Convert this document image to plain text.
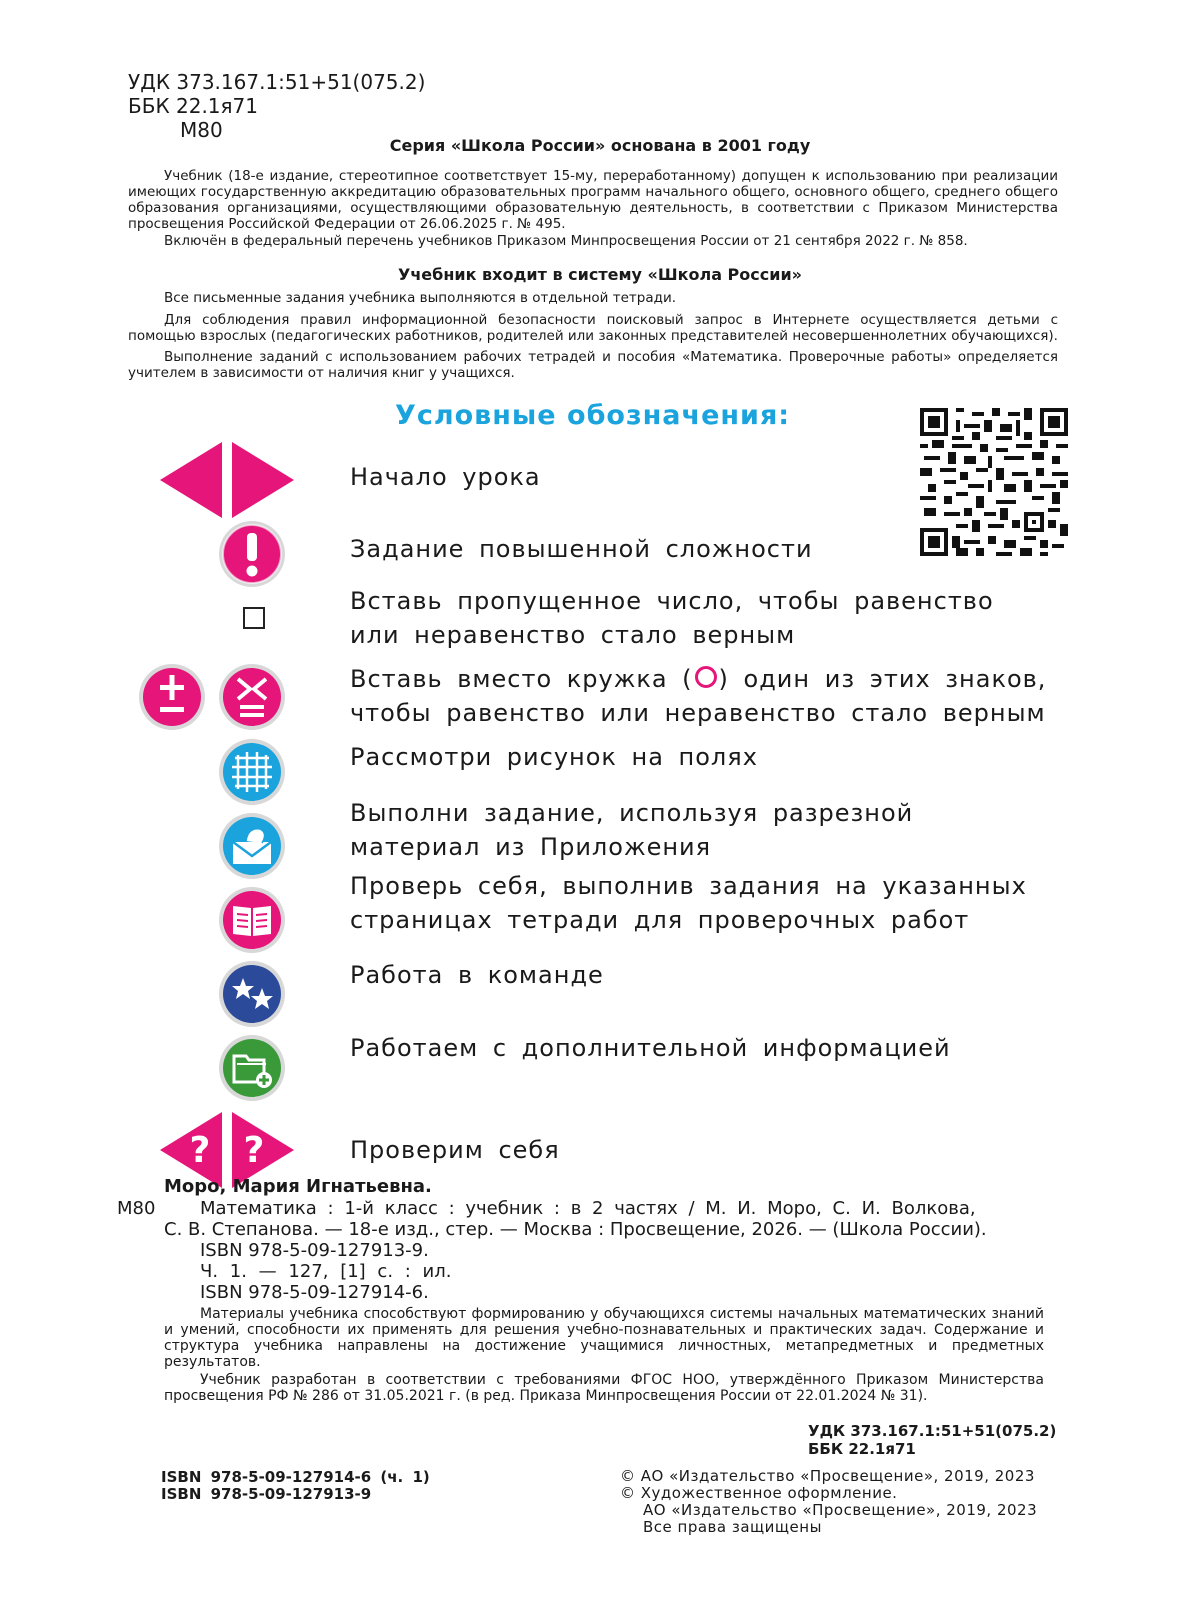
УДК 373.167.1:51+51(075.2)
ББК 22.1я71
М80
Серия «Школа России» основана в 2001 году
Учебник (18-е издание, стереотипное соответствует 15-му, переработанному) допущен к использованию при реализации имеющих государственную аккредитацию образовательных программ начального общего, основного общего, среднего общего образования организациями, осуществляющими образовательную деятельность, в соответствии с Приказом Министерства просвещения Российской Федерации от 26.06.2025 г. № 495.
Включён в федеральный перечень учебников Приказом Минпросвещения России от 21 сентября 2022 г. № 858.
Учебник входит в систему «Школа России»
Все письменные задания учебника выполняются в отдельной тетради.
Для соблюдения правил информационной безопасности поисковый запрос в Интернете осуществляется детьми с помощью взрослых (педагогических работников, родителей или законных представителей несовершеннолетних обучающихся).
Выполнение заданий с использованием рабочих тетрадей и пособия «Математика. Проверочные работы» определяется учителем в зависимости от наличия книг у учащихся.
Условные обозначения:
Начало урока
Задание повышенной сложности
Вставь пропущенное число, чтобы равенство или неравенство стало верным
Вставь вместо кружка ( ) один из этих знаков, чтобы равенство или неравенство стало верным
Рассмотри рисунок на полях
Выполни задание, используя разрезной материал из Приложения
Проверь себя, выполнив задания на указанных страницах тетради для проверочных работ
Работа в команде
Работаем с дополнительной информацией
? ?	Проверим себя
Моро, Мария Игнатьевна.
М80 Математика : 1-й класс : учебник : в 2 частях / М. И. Моро, С. И. Волкова,
С. В. Степанова. — 18-е изд., стер. — Москва : Просвещение, 2026. — (Школа России).
ISBN 978-5-09-127913-9.
Ч. 1. — 127, [1] с. : ил.
ISBN 978-5-09-127914-6.
Материалы учебника способствуют формированию у обучающихся системы начальных математических знаний и умений, способности их применять для решения учебно-познавательных и практических задач. Содержание и структура учебника направлены на достижение учащимися личностных, метапредметных и предметных результатов.
Учебник разработан в соответствии с требованиями ФГОС НОО, утверждённого Приказом Министерства просвещения РФ № 286 от 31.05.2021 г. (в ред. Приказа Минпросвещения России от 22.01.2024 № 31).
УДК 373.167.1:51+51(075.2)
ББК 22.1я71
ISBN 978-5-09-127914-6 (ч. 1)
ISBN 978-5-09-127913-9
© АО «Издательство «Просвещение», 2019, 2023
© Художественное оформление.
АО «Издательство «Просвещение», 2019, 2023
Все права защищены
